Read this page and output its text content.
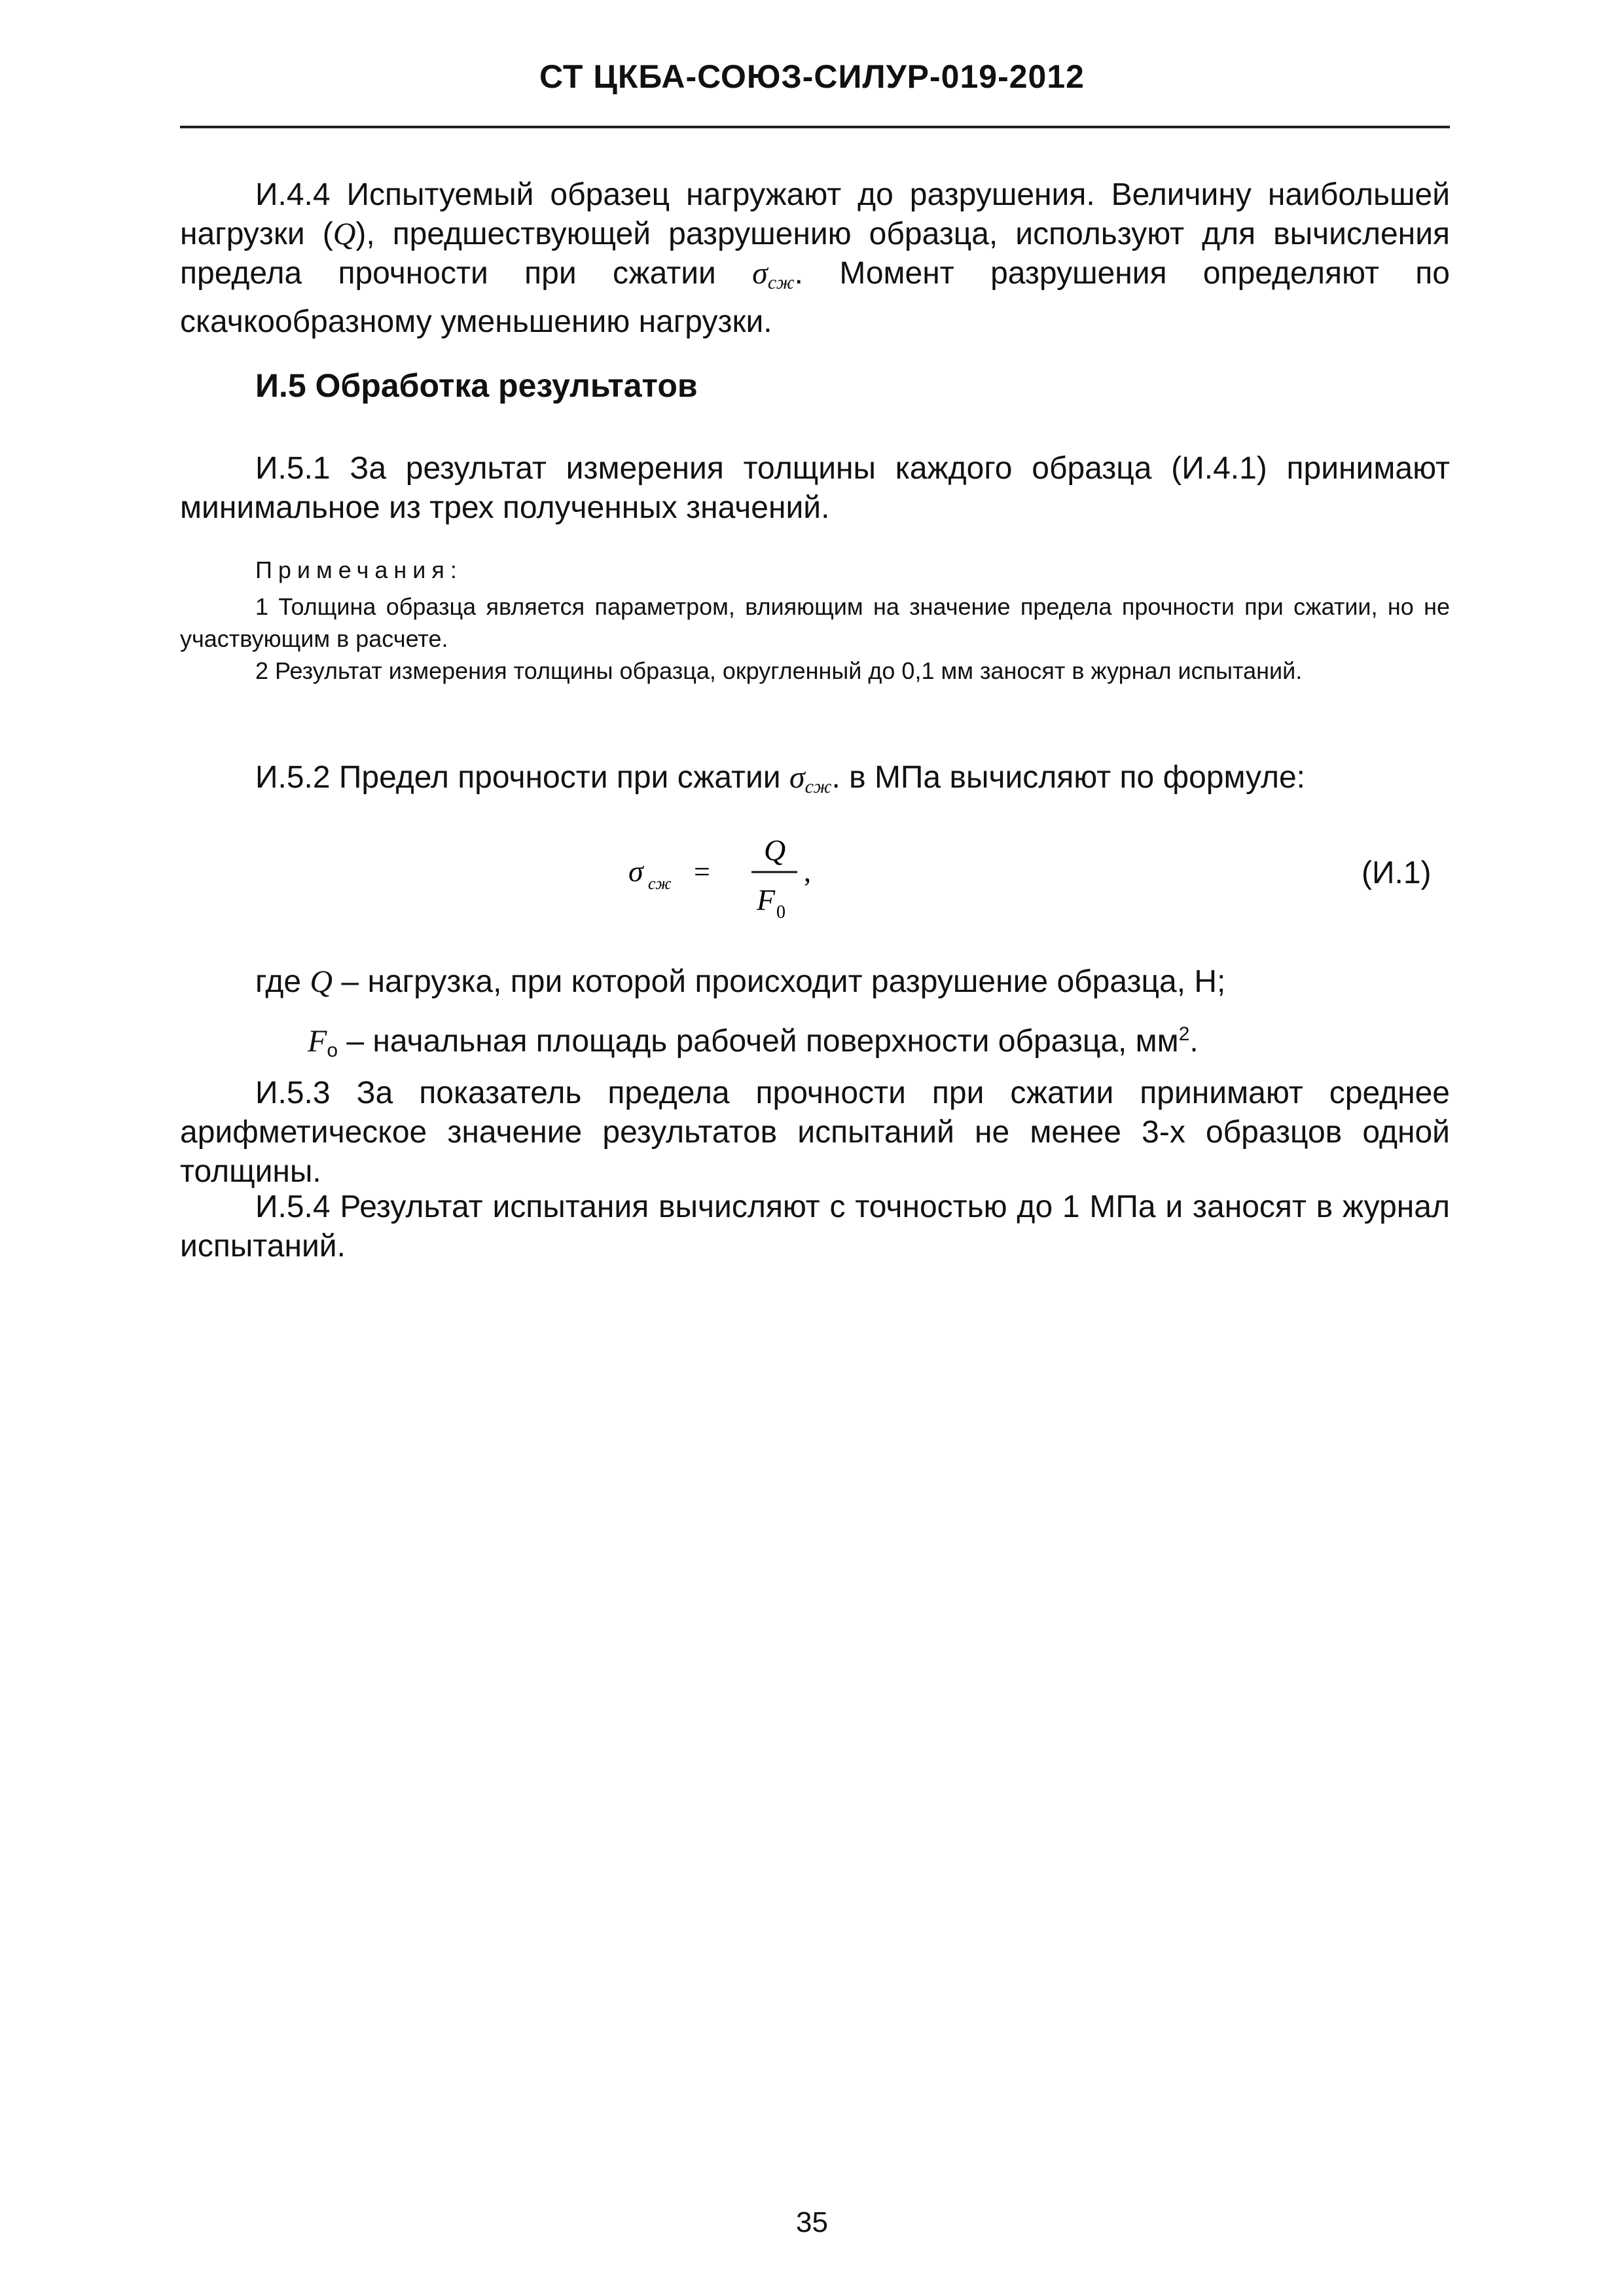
СТ ЦКБА-СОЮЗ-СИЛУР-019-2012

И.4.4 Испытуемый образец нагружают до разрушения. Величину наибольшей нагрузки (Q), предшествующей разрушению образца, используют для вычисления предела прочности при сжатии $\sigma_{сж}$. Момент разрушения определяют по скачкообразному уменьшению нагрузки.

И.5 Обработка результатов

И.5.1 За результат измерения толщины каждого образца (И.4.1) принимают минимальное из трех полученных значений.

Примечания:

1 Толщина образца является параметром, влияющим на значение предела прочности при сжатии, но не участвующим в расчете.

2 Результат измерения толщины образца, округленный до 0,1 мм заносят в журнал испытаний.

И.5.2 Предел прочности при сжатии $\sigma_{сж}$. в МПа вычисляют по формуле:

σ сж =
Q
F 0
,	(И.1)
где Q – нагрузка, при которой происходит разрушение образца, Н;
$F_о$ – начальная площадь рабочей поверхности образца, $мм^2$.

И.5.3 За показатель предела прочности при сжатии принимают среднее арифметическое значение результатов испытаний не менее 3-х образцов одной толщины.

И.5.4 Результат испытания вычисляют с точностью до 1 МПа и заносят в журнал испытаний.

35
